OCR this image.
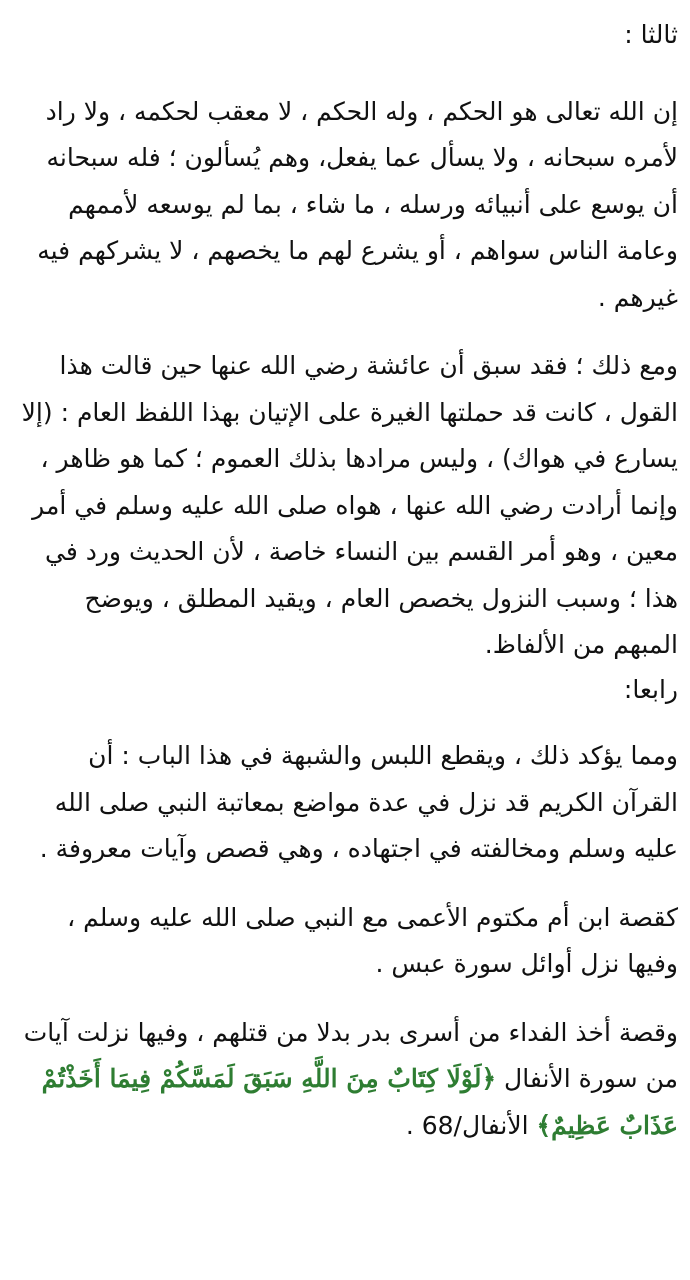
ثالثا :

إن الله تعالى هو الحكم ، وله الحكم ، لا معقب لحكمه ، ولا راد لأمره سبحانه ، ولا يسأل عما يفعل، وهم يُسألون ؛ فله سبحانه أن يوسع على أنبيائه ورسله ، ما شاء ، بما لم يوسعه لأممهم وعامة الناس سواهم ، أو يشرع لهم ما يخصهم ، لا يشركهم فيه غيرهم .

ومع ذلك ؛ فقد سبق أن عائشة رضي الله عنها حين قالت هذا القول ، كانت قد حملتها الغيرة على الإتيان بهذا اللفظ العام : (إلا يسارع في هواك) ، وليس مرادها بذلك العموم ؛ كما هو ظاهر ، وإنما أرادت رضي الله عنها ، هواه صلى الله عليه وسلم في أمر معين ، وهو أمر القسم بين النساء خاصة ، لأن الحديث ورد في هذا ؛ وسبب النزول يخصص العام ، ويقيد المطلق ، ويوضح المبهم من الألفاظ.

رابعا:

ومما يؤكد ذلك ، ويقطع اللبس والشبهة في هذا الباب : أن القرآن الكريم قد نزل في عدة مواضع بمعاتبة النبي صلى الله عليه وسلم ومخالفته في اجتهاده ، وهي قصص وآيات معروفة .

كقصة ابن أم مكتوم الأعمى مع النبي صلى الله عليه وسلم ، وفيها نزل أوائل سورة عبس .

وقصة أخذ الفداء من أسرى بدر بدلا من قتلهم ، وفيها نزلت آيات من سورة الأنفال ﴿لَوْلَا كِتَابٌ مِنَ اللَّهِ سَبَقَ لَمَسَّكُمْ فِيمَا أَخَذْتُمْ عَذَابٌ عَظِيمٌ﴾ الأنفال/68 .
